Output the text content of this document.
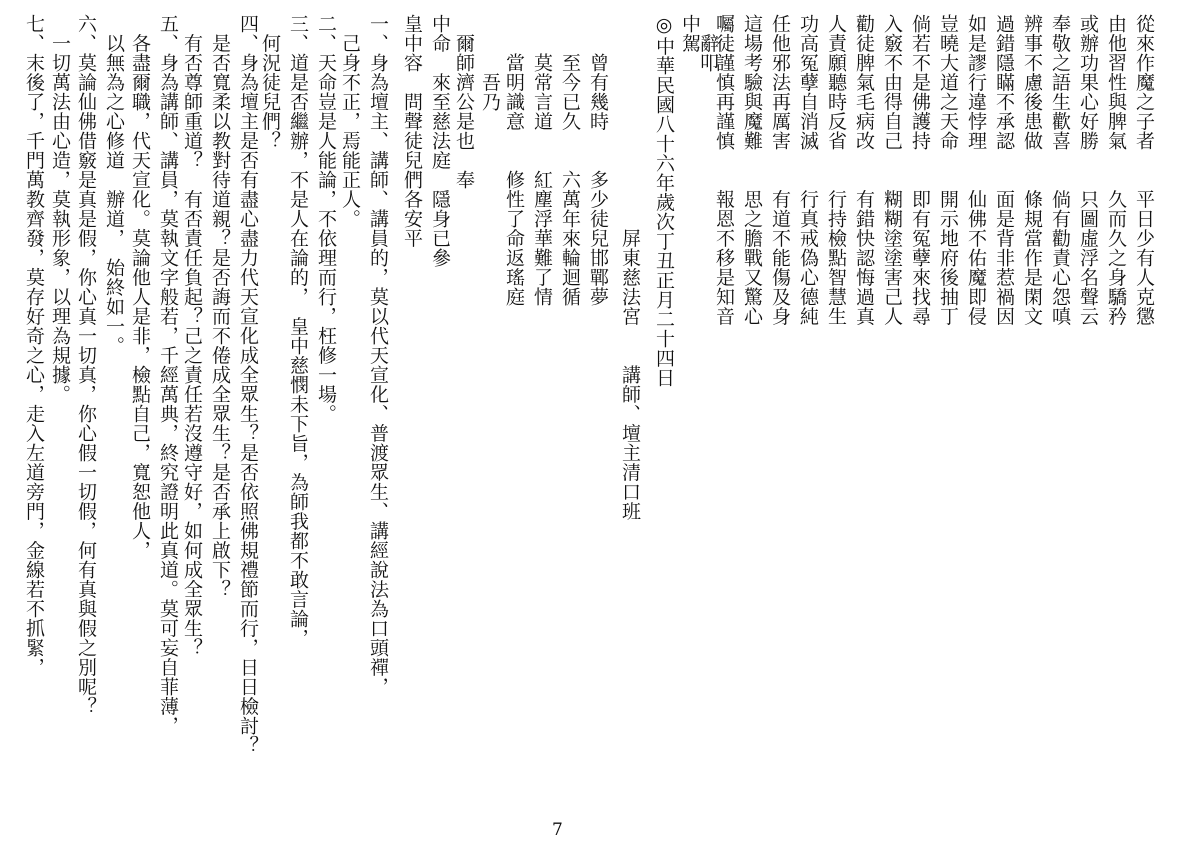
從來作魔之子者　　平日少有人克懲

由他習性與脾氣　　久而久之身驕矜

或辦功果心好勝　　只圖虛浮名聲云

奉敬之語生歡喜　　倘有勸責心怨嗔

辨事不慮後患做　　條規當作是閑文

過錯隱瞞不承認　　面是背非惹禍因

如是謬行違悖理　　仙佛不佑魔即侵

豈曉大道之天命　　開示地府後抽丁

倘若不是佛護持　　即有冤孽來找尋

入竅不由得自己　　糊糊塗塗害己人

勸徒脾氣毛病改　　有錯快認悔過真

人責願聽時反省　　行持檢點智慧生

功高冤孽自消滅　　行真戒偽心德純

任他邪法再厲害　　有道不能傷及身

這場考驗與魔難　　思之膽戰又驚心

囑徒謹慎再謹慎　　報恩不移是知音

　辭叩

中駕

◎中華民國八十六年歲次丁丑正月二十四日

　　　　　　　　　　　屏東慈法宮　　講師、壇主清口班

　　曾有幾時　　多少徒兒邯鄲夢

　　至今已久　　六萬年來輪迴循

　　莫常言道　　紅塵浮華難了情

　　當明識意　　修性了命返瑤庭

　　　吾乃

　爾師濟公是也　奉

中命　來至慈法庭　隱身已參

皇中容　問聲徒兒們各安平

一、身為壇主、講師、講員的，莫以代天宣化、普渡眾生、講經說法為口頭禪，

　己身不正，焉能正人。

二、天命豈是人能論，不依理而行，枉修一場。

三、道是否繼辦，不是人在論的，　皇中慈憫未下旨，為師我都不敢言論，

　何況徒兒們？

四、身為壇主是否有盡心盡力代天宣化成全眾生？是否依照佛規禮節而行，日日檢討？

　是否寬柔以教對待道親？是否誨而不倦成全眾生？是否承上啟下？

　有否尊師重道？　有否責任負起？己之責任若沒遵守好，如何成全眾生？

五、身為講師、講員，莫執文字般若，千經萬典，終究證明此真道。莫可妄自菲薄，

　各盡爾職，代天宣化。莫論他人是非，檢點自己，寬恕他人，

　以無為之心修道　辦道，　始終如一。

六、莫論仙佛借竅是真是假，你心真一切真，你心假一切假，何有真與假之別呢？

　一切萬法由心造，莫執形象，以理為規據。

七、末後了，千門萬教齊發，莫存好奇之心，走入左道旁門，金線若不抓緊，

7
